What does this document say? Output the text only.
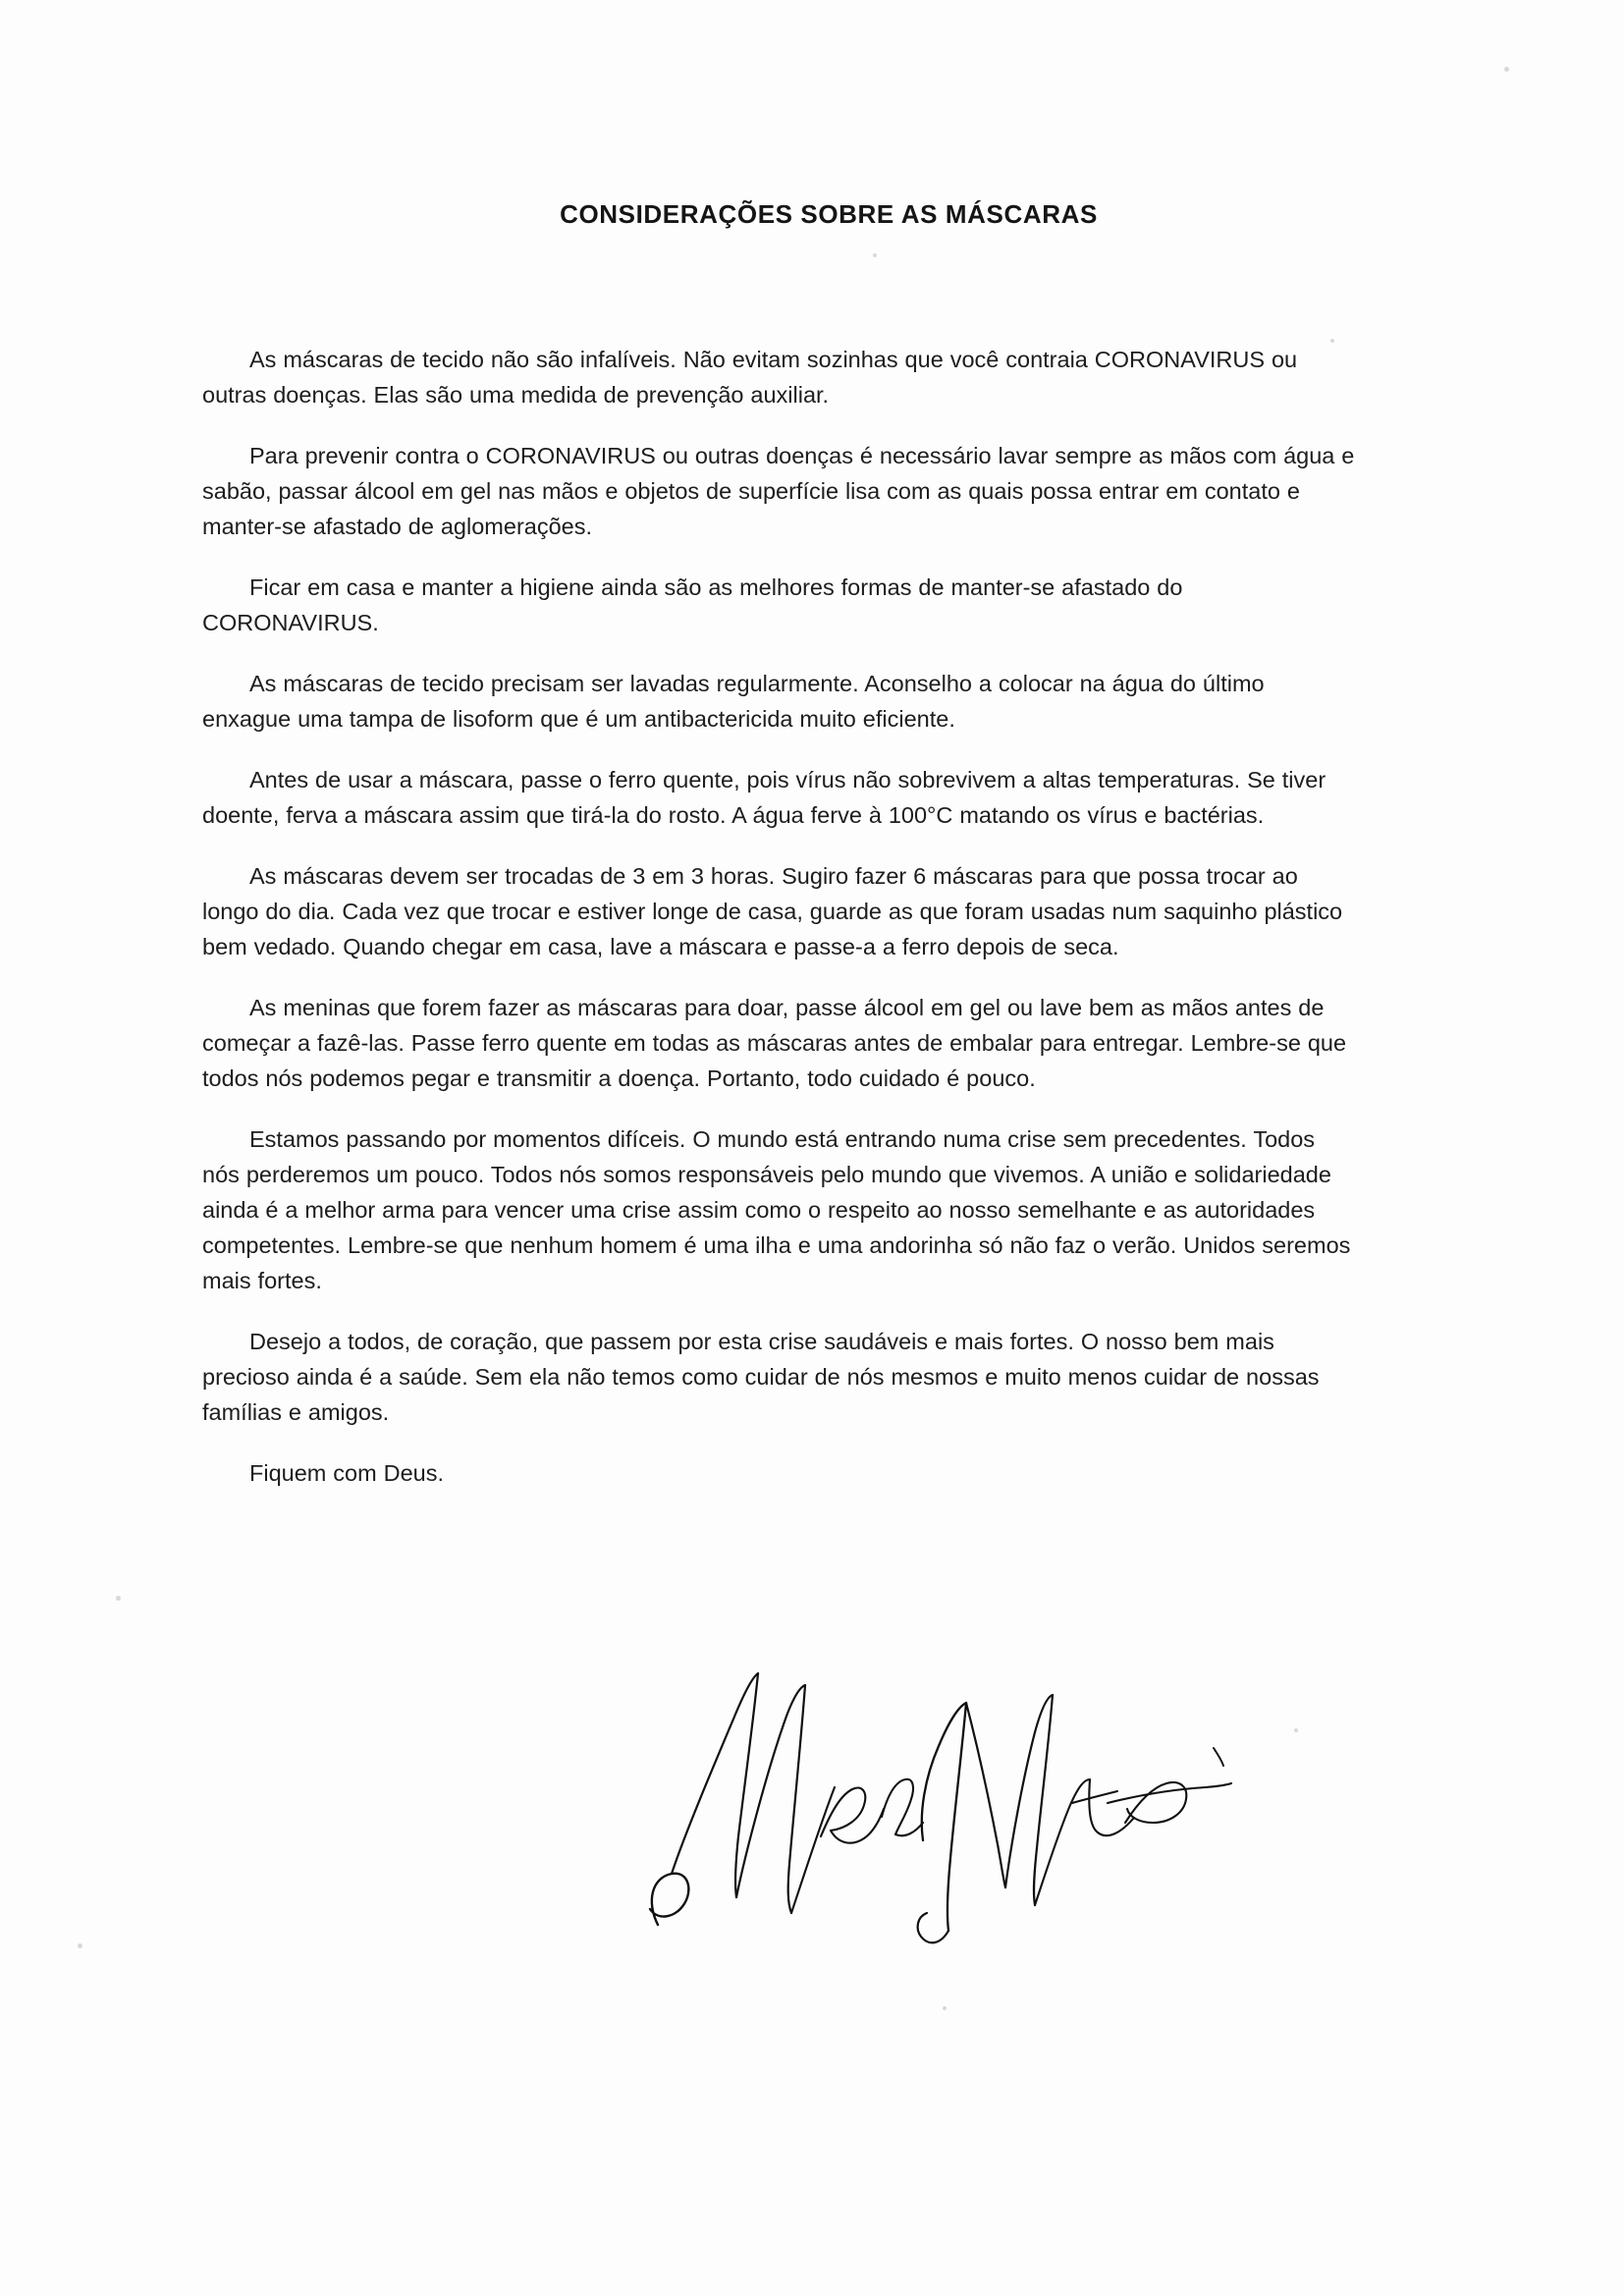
CONSIDERAÇÕES SOBRE AS MÁSCARAS

As máscaras de tecido não são infalíveis. Não evitam sozinhas que você contraia CORONAVIRUS ou outras doenças. Elas são uma medida de prevenção auxiliar.

Para prevenir contra o CORONAVIRUS ou outras doenças é necessário lavar sempre as mãos com água e sabão, passar álcool em gel nas mãos e objetos de superfície lisa com as quais possa entrar em contato e manter-se afastado de aglomerações.

Ficar em casa e manter a higiene ainda são as melhores formas de manter-se afastado do CORONAVIRUS.

As máscaras de tecido precisam ser lavadas regularmente. Aconselho a colocar na água do último enxague uma tampa de lisoform que é um antibactericida muito eficiente.

Antes de usar a máscara, passe o ferro quente, pois vírus não sobrevivem a altas temperaturas. Se tiver doente, ferva a máscara assim que tirá-la do rosto. A água ferve à 100°C matando os vírus e bactérias.

As máscaras devem ser trocadas de 3 em 3 horas. Sugiro fazer 6 máscaras para que possa trocar ao longo do dia. Cada vez que trocar e estiver longe de casa, guarde as que foram usadas num saquinho plástico bem vedado. Quando chegar em casa, lave a máscara e passe-a a ferro depois de seca.

As meninas que forem fazer as máscaras para doar, passe álcool em gel ou lave bem as mãos antes de começar a fazê-las. Passe ferro quente em todas as máscaras antes de embalar para entregar. Lembre-se que todos nós podemos pegar e transmitir a doença. Portanto, todo cuidado é pouco.

Estamos passando por momentos difíceis. O mundo está entrando numa crise sem precedentes. Todos nós perderemos um pouco. Todos nós somos responsáveis pelo mundo que vivemos. A união e solidariedade ainda é a melhor arma para vencer uma crise assim como o respeito ao nosso semelhante e as autoridades competentes. Lembre-se que nenhum homem é uma ilha e uma andorinha só não faz o verão. Unidos seremos mais fortes.

Desejo a todos, de coração, que passem por esta crise saudáveis e mais fortes. O nosso bem mais precioso ainda é a saúde. Sem ela não temos como cuidar de nós mesmos e muito menos cuidar de nossas famílias e amigos.

Fiquem com Deus.
